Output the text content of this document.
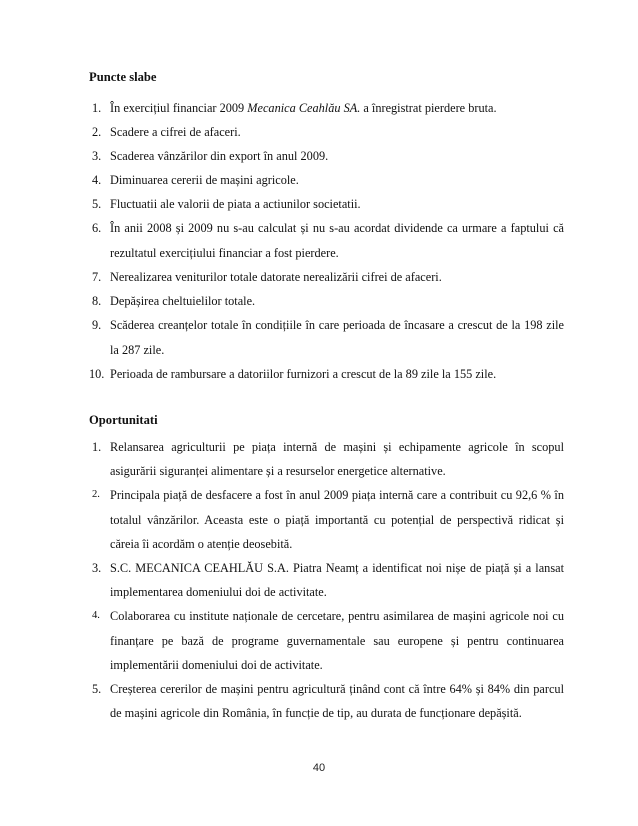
Puncte slabe
1. În exercițiul financiar 2009 Mecanica Ceahlău SA. a înregistrat pierdere bruta.
2. Scadere a cifrei de afaceri.
3. Scaderea vânzărilor din export în anul 2009.
4. Diminuarea cererii de mașini agricole.
5. Fluctuatii ale valorii de piata a actiunilor societatii.
6. În anii 2008 și 2009 nu s-au calculat și nu s-au acordat dividende ca urmare a faptului că rezultatul exercițiului financiar a fost pierdere.
7. Nerealizarea veniturilor totale datorate nerealizării cifrei de afaceri.
8. Depășirea cheltuielilor totale.
9. Scăderea creanțelor totale în condițiile în care perioada de încasare a crescut de la 198 zile la 287 zile.
10. Perioada de rambursare a datoriilor furnizori a crescut de la 89 zile la 155 zile.
Oportunitati
1. Relansarea agriculturii pe piața internă de mașini și echipamente agricole în scopul asigurării siguranței alimentare și a resurselor energetice alternative.
2. Principala piață de desfacere a fost în anul 2009 piața internă care a contribuit cu 92,6 % în totalul vânzărilor. Aceasta este o piață importantă cu potențial de perspectivă ridicat și căreia îi acordăm o atenție deosebită.
3. S.C. MECANICA CEAHLĂU S.A. Piatra Neamț a identificat noi nișe de piață și a lansat implementarea domeniului doi de activitate.
4. Colaborarea cu institute naționale de cercetare, pentru asimilarea de mașini agricole noi cu finanțare pe bază de programe guvernamentale sau europene și pentru continuarea implementării domeniului doi de activitate.
5. Creșterea cererilor de mașini pentru agricultură ținând cont că între 64% și 84% din parcul de mașini agricole din România, în funcție de tip, au durata de funcționare depășită.
40
